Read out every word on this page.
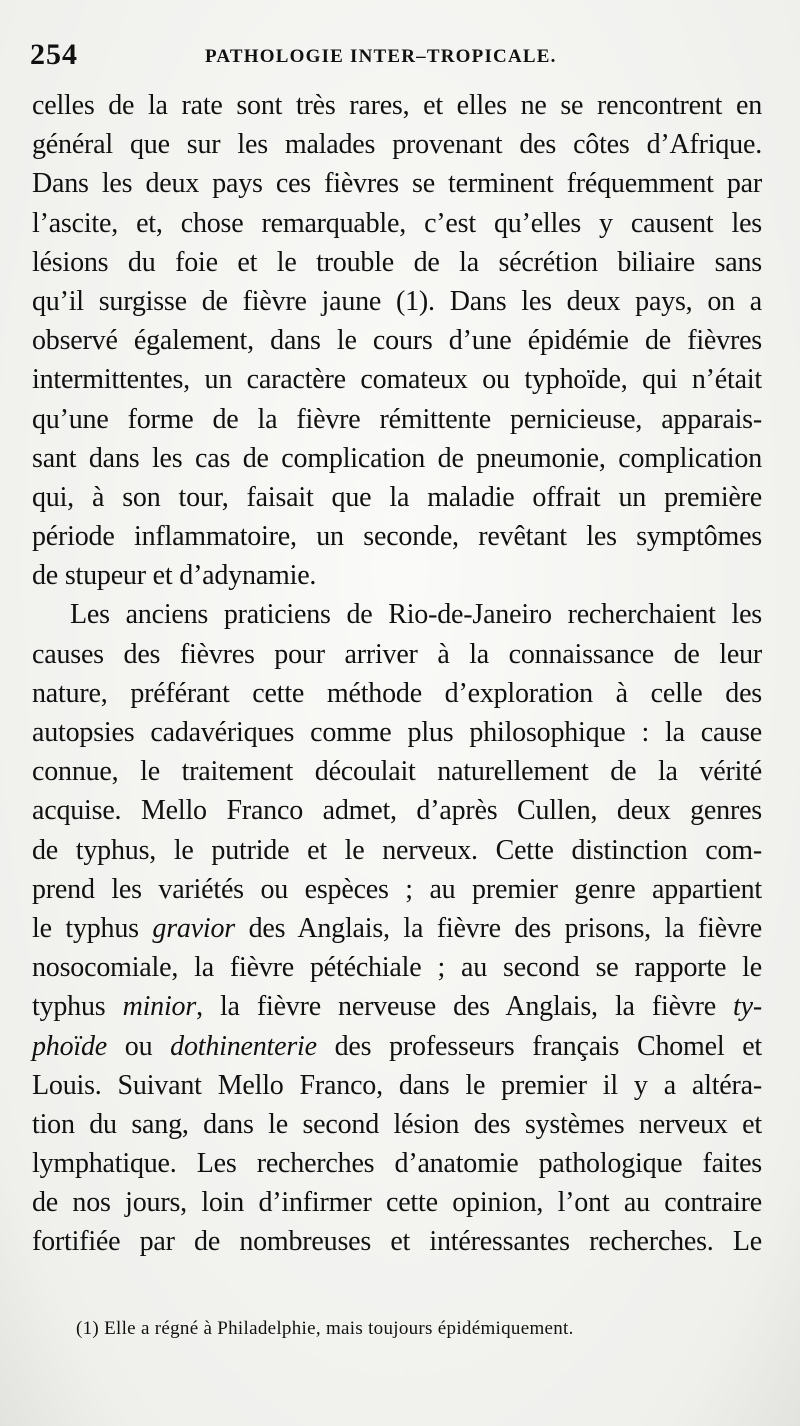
254	PATHOLOGIE INTER–TROPICALE.
celles de la rate sont très rares, et elles ne se rencontrent en
général que sur les malades provenant des côtes d’Afrique.
Dans les deux pays ces fièvres se terminent fréquemment par
l’ascite, et, chose remarquable, c’est qu’elles y causent les
lésions du foie et le trouble de la sécrétion biliaire sans
qu’il surgisse de fièvre jaune (1). Dans les deux pays, on a
observé également, dans le cours d’une épidémie de fièvres
intermittentes, un caractère comateux ou typhoïde, qui n’était
qu’une forme de la fièvre rémittente pernicieuse, apparais-
sant dans les cas de complication de pneumonie, complication
qui, à son tour, faisait que la maladie offrait un première
période inflammatoire, un seconde, revêtant les symptômes
de stupeur et d’adynamie.
Les anciens praticiens de Rio-de-Janeiro recherchaient les
causes des fièvres pour arriver à la connaissance de leur
nature, préférant cette méthode d’exploration à celle des
autopsies cadavériques comme plus philosophique : la cause
connue, le traitement découlait naturellement de la vérité
acquise. Mello Franco admet, d’après Cullen, deux genres
de typhus, le putride et le nerveux. Cette distinction com-
prend les variétés ou espèces ; au premier genre appartient
le typhus gravior des Anglais, la fièvre des prisons, la fièvre
nosocomiale, la fièvre pétéchiale ; au second se rapporte le
typhus minior, la fièvre nerveuse des Anglais, la fièvre ty-
phoïde ou dothinenterie des professeurs français Chomel et
Louis. Suivant Mello Franco, dans le premier il y a altéra-
tion du sang, dans le second lésion des systèmes nerveux et
lymphatique. Les recherches d’anatomie pathologique faites
de nos jours, loin d’infirmer cette opinion, l’ont au contraire
fortifiée par de nombreuses et intéressantes recherches. Le
(1) Elle a régné à Philadelphie, mais toujours épidémiquement.
